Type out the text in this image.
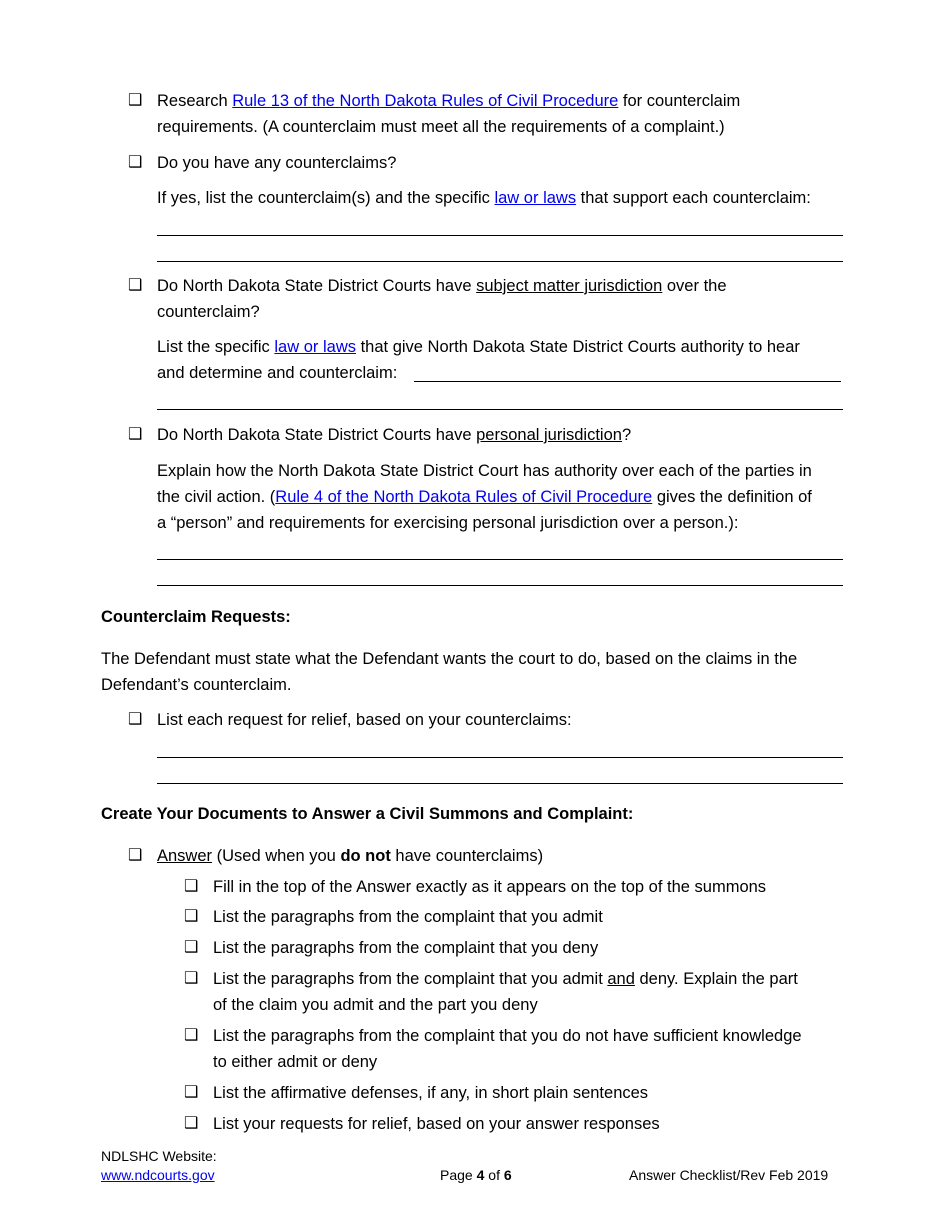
❑ Research Rule 13 of the North Dakota Rules of Civil Procedure for counterclaim
requirements. (A counterclaim must meet all the requirements of a complaint.)
❑ Do you have any counterclaims?
If yes, list the counterclaim(s) and the specific law or laws that support each counterclaim:
❑ Do North Dakota State District Courts have subject matter jurisdiction over the
counterclaim?
List the specific law or laws that give North Dakota State District Courts authority to hear
and determine and counterclaim:
❑ Do North Dakota State District Courts have personal jurisdiction?
Explain how the North Dakota State District Court has authority over each of the parties in
the civil action. (Rule 4 of the North Dakota Rules of Civil Procedure gives the definition of
a “person” and requirements for exercising personal jurisdiction over a person.):
Counterclaim Requests:
The Defendant must state what the Defendant wants the court to do, based on the claims in the
Defendant’s counterclaim.
❑ List each request for relief, based on your counterclaims:
Create Your Documents to Answer a Civil Summons and Complaint:
❑ Answer (Used when you do not have counterclaims)
❑ Fill in the top of the Answer exactly as it appears on the top of the summons
❑ List the paragraphs from the complaint that you admit
❑ List the paragraphs from the complaint that you deny
❑ List the paragraphs from the complaint that you admit and deny. Explain the part
of the claim you admit and the part you deny
❑ List the paragraphs from the complaint that you do not have sufficient knowledge
to either admit or deny
❑ List the affirmative defenses, if any, in short plain sentences
❑ List your requests for relief, based on your answer responses
NDLSHC Website:
www.ndcourts.gov	Page 4 of 6	Answer Checklist/Rev Feb 2019
